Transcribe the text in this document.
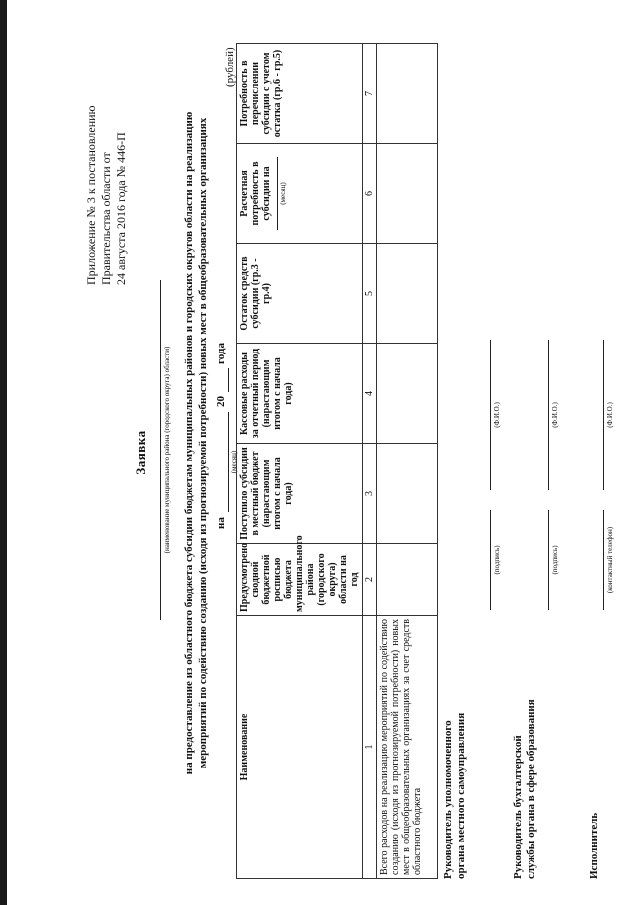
Приложение № 3 к постановлению Правительства области от 24 августа 2016 года № 446-П
Заявка (наименование муниципального района (городского округа) области) на предоставление из областного бюджета субсидии бюджетам муниципальных районов и городских округов области на реализацию мероприятий по содействию созданию (исходя из прогнозируемой потребности) новых мест в общеобразовательных организациях на
(месяц)
20
года
(рублей)
Наименование	Предусмотрено сводной бюджетной росписью бюджета муниципального района (городского округа) области на год	Поступило субсидии в местный бюджет (нарастающим итогом с начала года)	Кассовые расходы за отчетный период (нарастающим итогом с начала года)	Остаток средств субсидии (гр.3 - гр.4)	Расчетная потребность в субсидии на (месяц)	Потребность в перечислении субсидии с учетом остатка (гр.6 - гр.5)
1	2	3	4	5	6	7
Всего расходов на реализацию мероприятий по содействию созданию (исходя из прогнозируемой потребности) новых мест в общеобразовательных организациях за счет средств областного бюджета						Руководитель уполномоченного органа местного самоуправления
(подпись)
(Ф.И.О.)
Руководитель бухгалтерской службы органа в сфере образования
(подпись)
(Ф.И.О.)
Исполнитель
(контактный телефон)
(Ф.И.О.)
